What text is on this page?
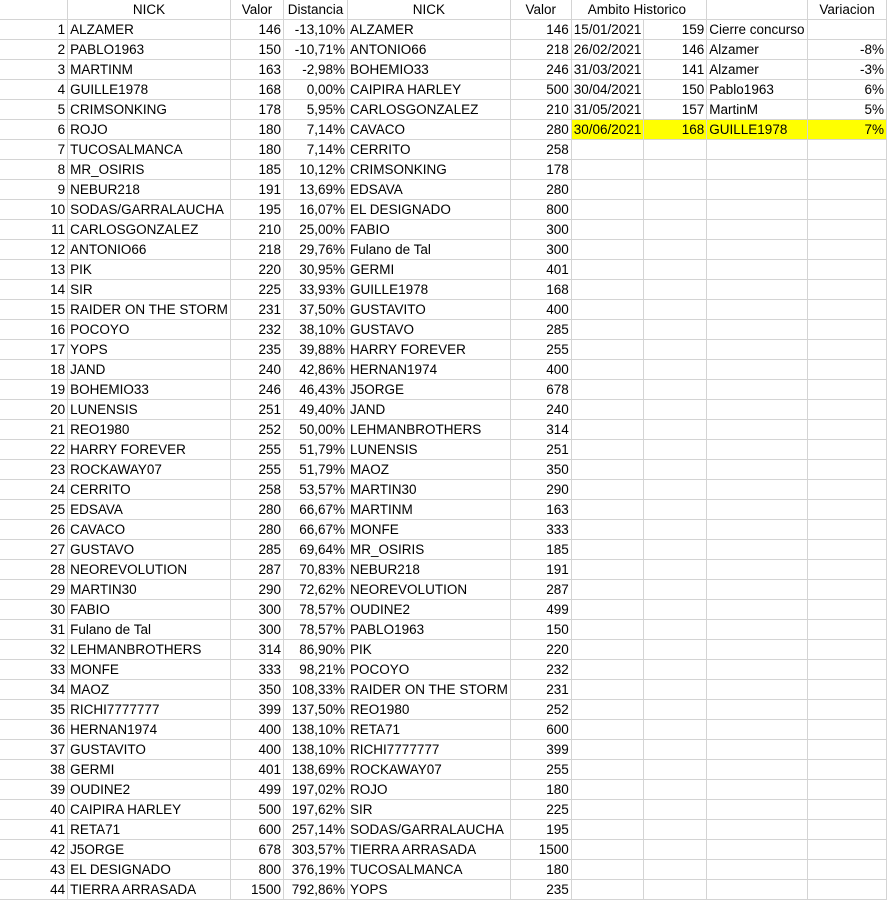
	NICK	Valor	Distancia	NICK	Valor	Ambito Historico			Variacion
1	ALZAMER	146	-13,10%	ALZAMER	146	15/01/2021	159	Cierre concurso	
2	PABLO1963	150	-10,71%	ANTONIO66	218	26/02/2021	146	Alzamer	-8%
3	MARTINM	163	-2,98%	BOHEMIO33	246	31/03/2021	141	Alzamer	-3%
4	GUILLE1978	168	0,00%	CAIPIRA HARLEY	500	30/04/2021	150	Pablo1963	6%
5	CRIMSONKING	178	5,95%	CARLOSGONZALEZ	210	31/05/2021	157	MartinM	5%
6	ROJO	180	7,14%	CAVACO	280	30/06/2021	168	GUILLE1978	7%
7	TUCOSALMANCA	180	7,14%	CERRITO	258				
8	MR_OSIRIS	185	10,12%	CRIMSONKING	178				
9	NEBUR218	191	13,69%	EDSAVA	280				
10	SODAS/GARRALAUCHA	195	16,07%	EL DESIGNADO	800				
11	CARLOSGONZALEZ	210	25,00%	FABIO	300				
12	ANTONIO66	218	29,76%	Fulano de Tal	300				
13	PIK	220	30,95%	GERMI	401				
14	SIR	225	33,93%	GUILLE1978	168				
15	RAIDER ON THE STORM	231	37,50%	GUSTAVITO	400				
16	POCOYO	232	38,10%	GUSTAVO	285				
17	YOPS	235	39,88%	HARRY FOREVER	255				
18	JAND	240	42,86%	HERNAN1974	400				
19	BOHEMIO33	246	46,43%	J5ORGE	678				
20	LUNENSIS	251	49,40%	JAND	240				
21	REO1980	252	50,00%	LEHMANBROTHERS	314				
22	HARRY FOREVER	255	51,79%	LUNENSIS	251				
23	ROCKAWAY07	255	51,79%	MAOZ	350				
24	CERRITO	258	53,57%	MARTIN30	290				
25	EDSAVA	280	66,67%	MARTINM	163				
26	CAVACO	280	66,67%	MONFE	333				
27	GUSTAVO	285	69,64%	MR_OSIRIS	185				
28	NEOREVOLUTION	287	70,83%	NEBUR218	191				
29	MARTIN30	290	72,62%	NEOREVOLUTION	287				
30	FABIO	300	78,57%	OUDINE2	499				
31	Fulano de Tal	300	78,57%	PABLO1963	150				
32	LEHMANBROTHERS	314	86,90%	PIK	220				
33	MONFE	333	98,21%	POCOYO	232				
34	MAOZ	350	108,33%	RAIDER ON THE STORM	231				
35	RICHI7777777	399	137,50%	REO1980	252				
36	HERNAN1974	400	138,10%	RETA71	600				
37	GUSTAVITO	400	138,10%	RICHI7777777	399				
38	GERMI	401	138,69%	ROCKAWAY07	255				
39	OUDINE2	499	197,02%	ROJO	180				
40	CAIPIRA HARLEY	500	197,62%	SIR	225				
41	RETA71	600	257,14%	SODAS/GARRALAUCHA	195				
42	J5ORGE	678	303,57%	TIERRA ARRASADA	1500				
43	EL DESIGNADO	800	376,19%	TUCOSALMANCA	180				
44	TIERRA ARRASADA	1500	792,86%	YOPS	235				
